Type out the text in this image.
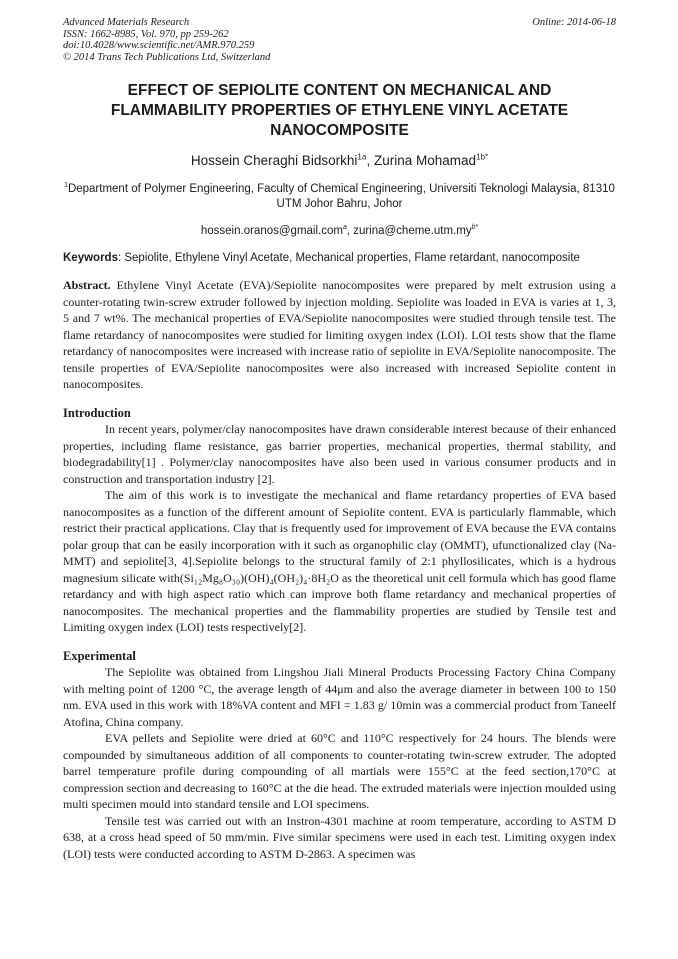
Advanced Materials Research
ISSN: 1662-8985, Vol. 970, pp 259-262
doi:10.4028/www.scientific.net/AMR.970.259
© 2014 Trans Tech Publications Ltd, Switzerland
Online: 2014-06-18
EFFECT OF SEPIOLITE CONTENT ON MECHANICAL AND FLAMMABILITY PROPERTIES OF ETHYLENE VINYL ACETATE NANOCOMPOSITE
Hossein Cheraghi Bidsorkhi$^{1a}$, Zurina Mohamad$^{1b*}$
$^1$Department of Polymer Engineering, Faculty of Chemical Engineering, Universiti Teknologi Malaysia, 81310 UTM Johor Bahru, Johor
hossein.oranos@gmail.com$^a$, $zurina@cheme.utm.my^{b*}$

Keywords: Sepiolite, Ethylene Vinyl Acetate, Mechanical properties, Flame retardant, nanocomposite

Abstract. Ethylene Vinyl Acetate (EVA)/Sepiolite nanocomposites were prepared by melt extrusion using a counter-rotating twin-screw extruder followed by injection molding. Sepiolite was loaded in EVA is varies at 1, 3, 5 and 7 wt%. The mechanical properties of EVA/Sepiolite nanocomposites were studied through tensile test. The flame retardancy of nanocomposites were studied for limiting oxygen index (LOI). LOI tests show that the flame retardancy of nanocomposites were increased with increase ratio of sepiolite in EVA/Sepiolite nanocomposite. The tensile properties of EVA/Sepiolite nanocomposites were also increased with increased Sepiolite content in nanocomposites.

Introduction

In recent years, polymer/clay nanocomposites have drawn considerable interest because of their enhanced properties, including flame resistance, gas barrier properties, mechanical properties, thermal stability, and biodegradability[1] . Polymer/clay nanocomposites have also been used in various consumer products and in construction and transportation industry [2].

The aim of this work is to investigate the mechanical and flame retardancy properties of EVA based nanocomposites as a function of the different amount of Sepiolite content. EVA is particularly flammable, which restrict their practical applications. Clay that is frequently used for improvement of EVA because the EVA contains polar group that can be easily incorporation with it such as organophilic clay (OMMT), ufunctionalized clay (Na-MMT) and sepiolite[3, 4].Sepiolite belongs to the structural family of 2:1 phyllosilicates, which is a hydrous magnesium silicate with(Si₁₂Mg₈O₃₀)(OH)₄(OH₂)₄·8H₂O as the theoretical unit cell formula which has good flame retardancy and with high aspect ratio which can improve both flame retardancy and mechanical properties of nanocomposites. The mechanical properties and the flammability properties are studied by Tensile test and Limiting oxygen index (LOI) tests respectively[2].

Experimental

The Sepiolite was obtained from Lingshou Jiali Mineral Products Processing Factory China Company with melting point of 1200 °C, the average length of 44μm and also the average diameter in between 100 to 150 nm. EVA used in this work with 18%VA content and MFI = 1.83 g/ 10min was a commercial product from Taneelf Atofina, China company.

EVA pellets and Sepiolite were dried at 60°C and 110°C respectively for 24 hours. The blends were compounded by simultaneous addition of all components to counter-rotating twin-screw extruder. The adopted barrel temperature profile during compounding of all martials were 155°C at the feed section,170°C at compression section and decreasing to 160°C at the die head. The extruded materials were injection moulded using multi specimen mould into standard tensile and LOI specimens.

Tensile test was carried out with an Instron-4301 machine at room temperature, according to ASTM D 638, at a cross head speed of 50 mm/min. Five similar specimens were used in each test. Limiting oxygen index (LOI) tests were conducted according to ASTM D-2863. A specimen was
